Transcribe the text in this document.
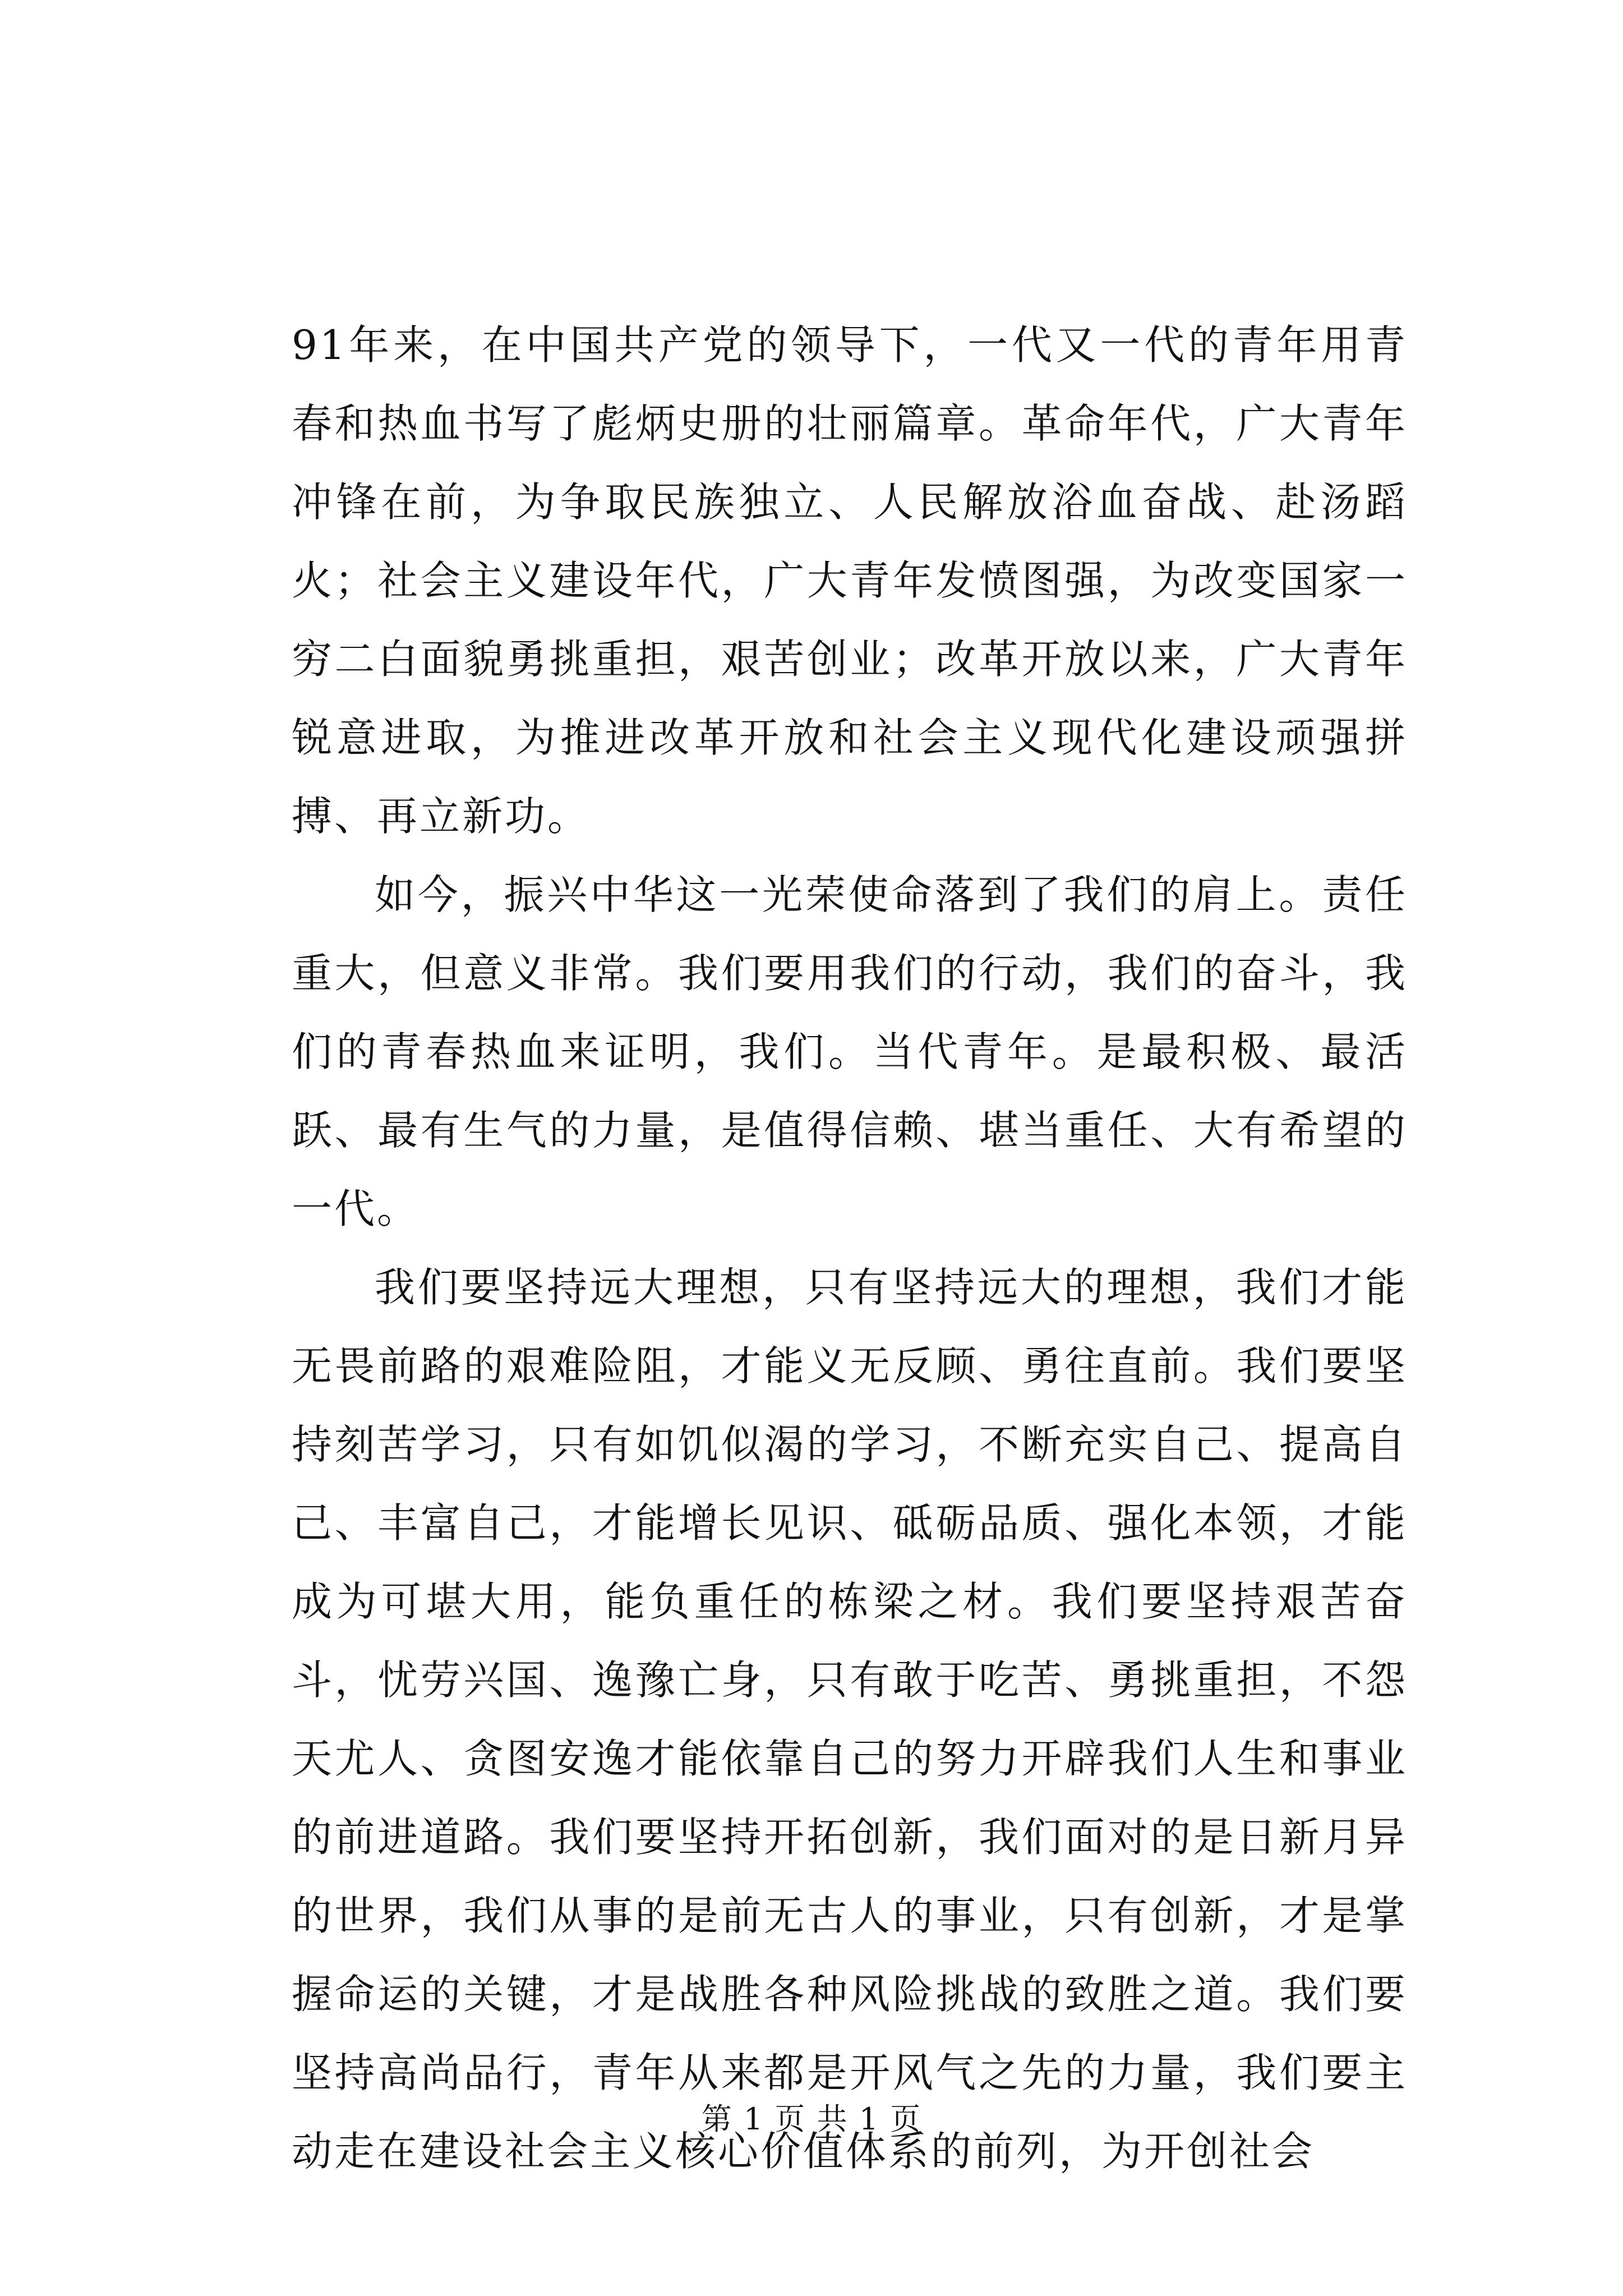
91年来，在中国共产党的领导下，一代又一代的青年用青春和热血书写了彪炳史册的壮丽篇章。革命年代，广大青年冲锋在前，为争取民族独立、人民解放浴血奋战、赴汤蹈火；社会主义建设年代，广大青年发愤图强，为改变国家一穷二白面貌勇挑重担，艰苦创业；改革开放以来，广大青年锐意进取，为推进改革开放和社会主义现代化建设顽强拼搏、再立新功。

如今，振兴中华这一光荣使命落到了我们的肩上。责任重大，但意义非常。我们要用我们的行动，我们的奋斗，我们的青春热血来证明，我们。当代青年。是最积极、最活跃、最有生气的力量，是值得信赖、堪当重任、大有希望的一代。

我们要坚持远大理想，只有坚持远大的理想，我们才能无畏前路的艰难险阻，才能义无反顾、勇往直前。我们要坚持刻苦学习，只有如饥似渴的学习，不断充实自己、提高自己、丰富自己，才能增长见识、砥砺品质、强化本领，才能成为可堪大用，能负重任的栋梁之材。我们要坚持艰苦奋斗，忧劳兴国、逸豫亡身，只有敢于吃苦、勇挑重担，不怨天尤人、贪图安逸才能依靠自己的努力开辟我们人生和事业的前进道路。我们要坚持开拓创新，我们面对的是日新月异的世界，我们从事的是前无古人的事业，只有创新，才是掌握命运的关键，才是战胜各种风险挑战的致胜之道。我们要坚持高尚品行，青年从来都是开风气之先的力量，我们要主动走在建设社会主义核心价值体系的前列，为开创社会

第 1 页 共 1 页
